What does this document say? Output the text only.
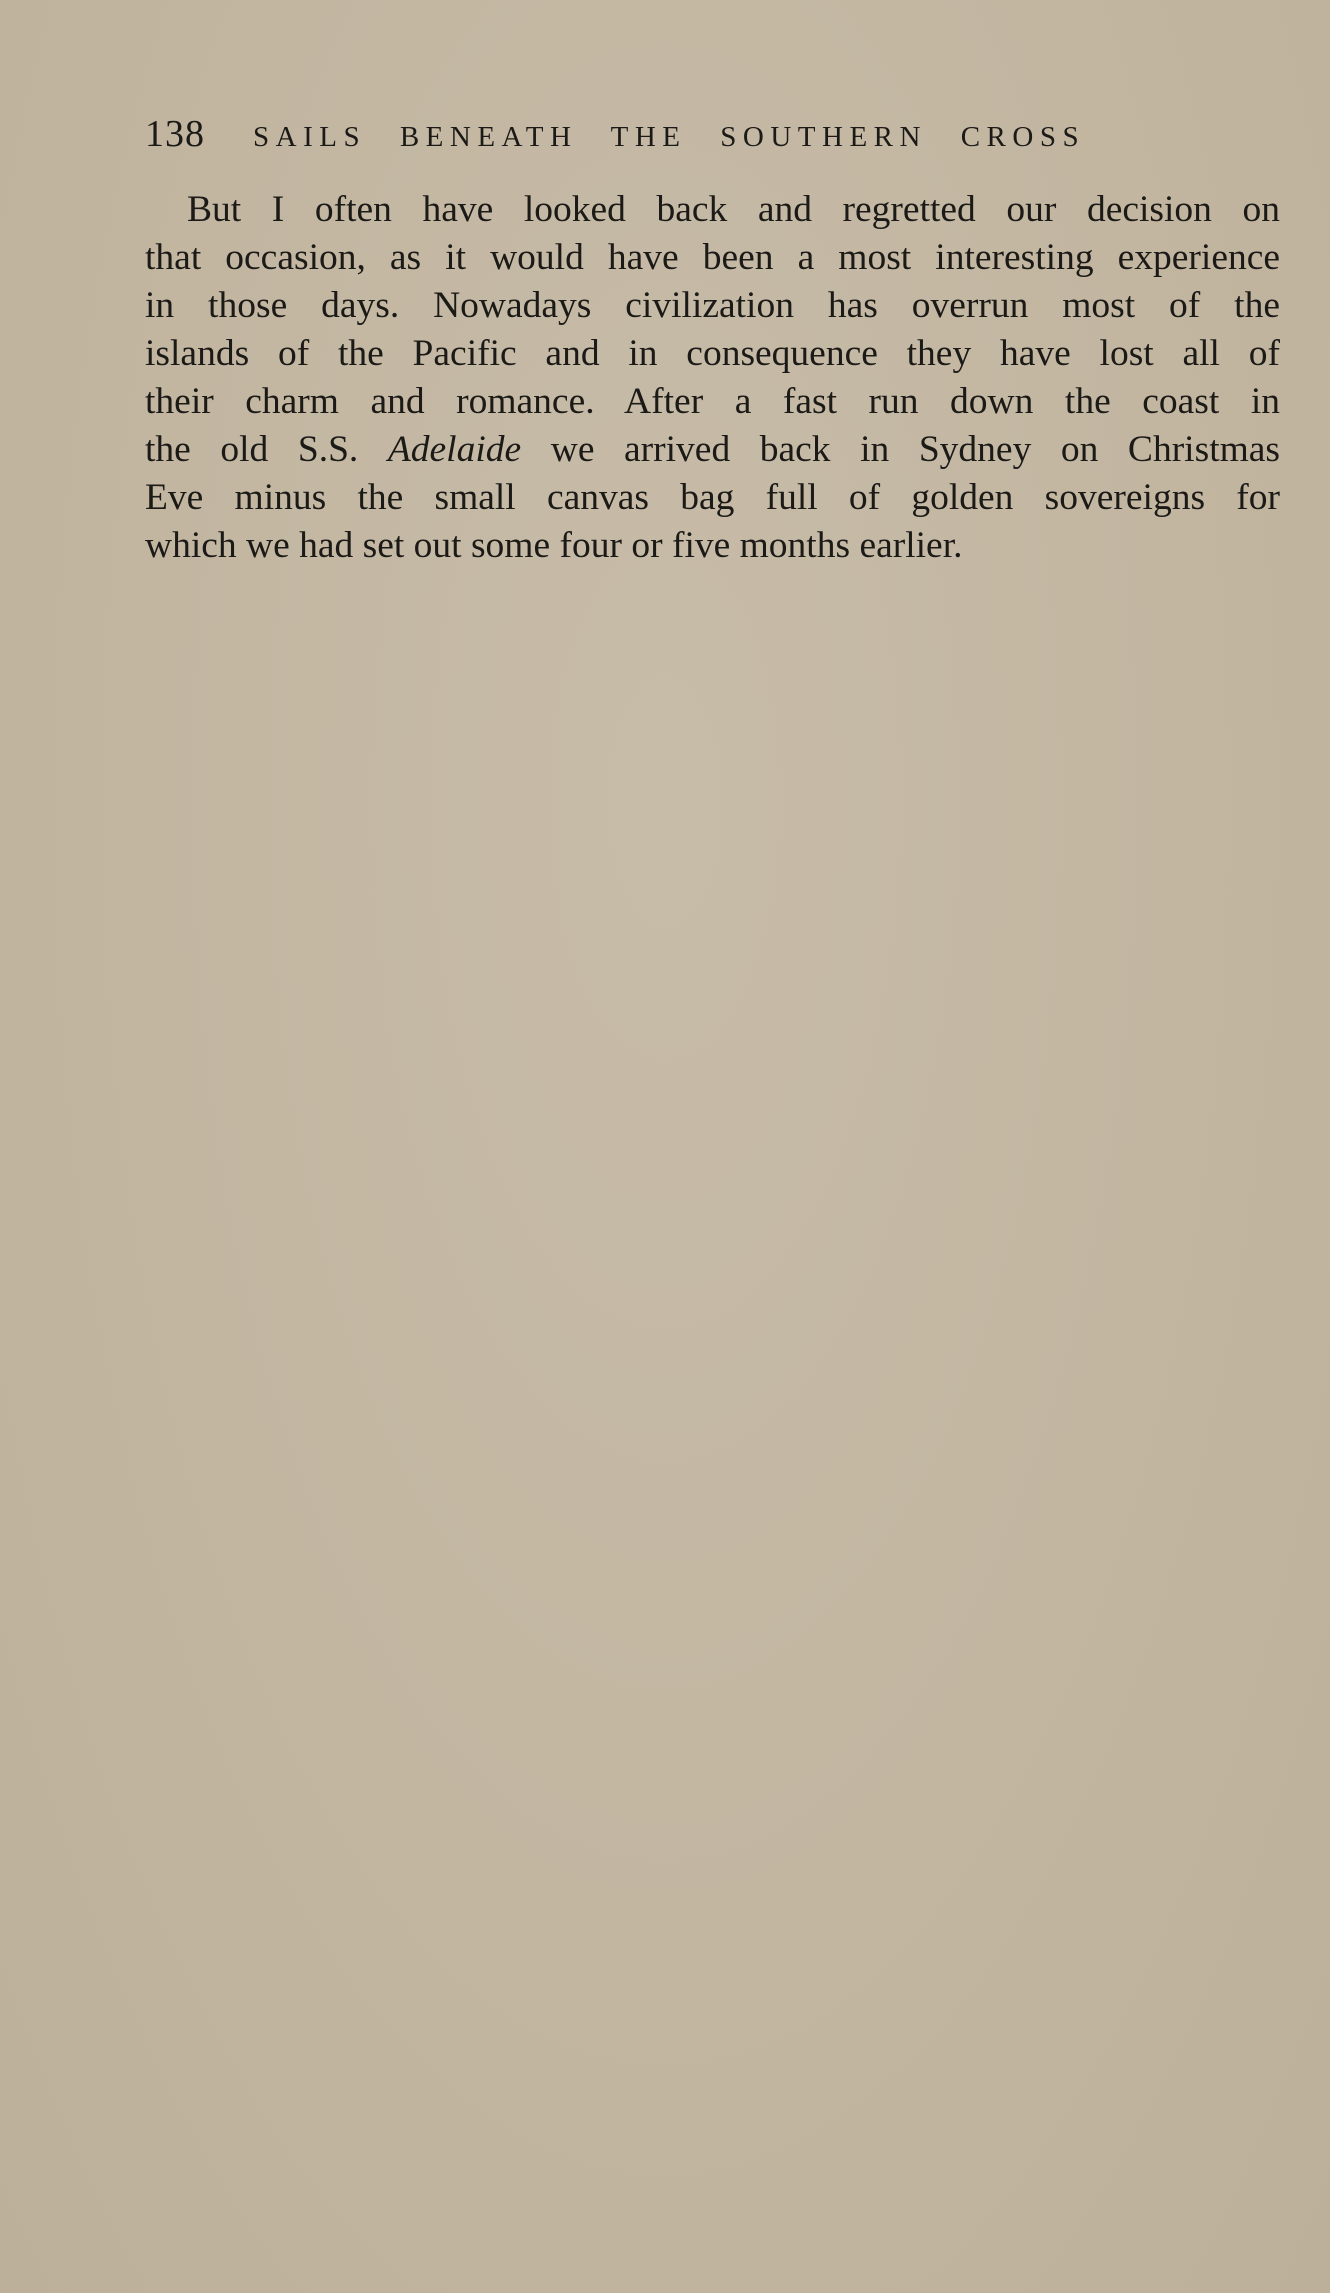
138 SAILS BENEATH THE SOUTHERN CROSS

But I often have looked back and regretted our decision on
that occasion, as it would have been a most interesting experience
in those days. Nowadays civilization has overrun most of the
islands of the Pacific and in consequence they have lost all of
their charm and romance. After a fast run down the coast in
the old S.S. Adelaide we arrived back in Sydney on Christmas
Eve minus the small canvas bag full of golden sovereigns for
which we had set out some four or five months earlier.
